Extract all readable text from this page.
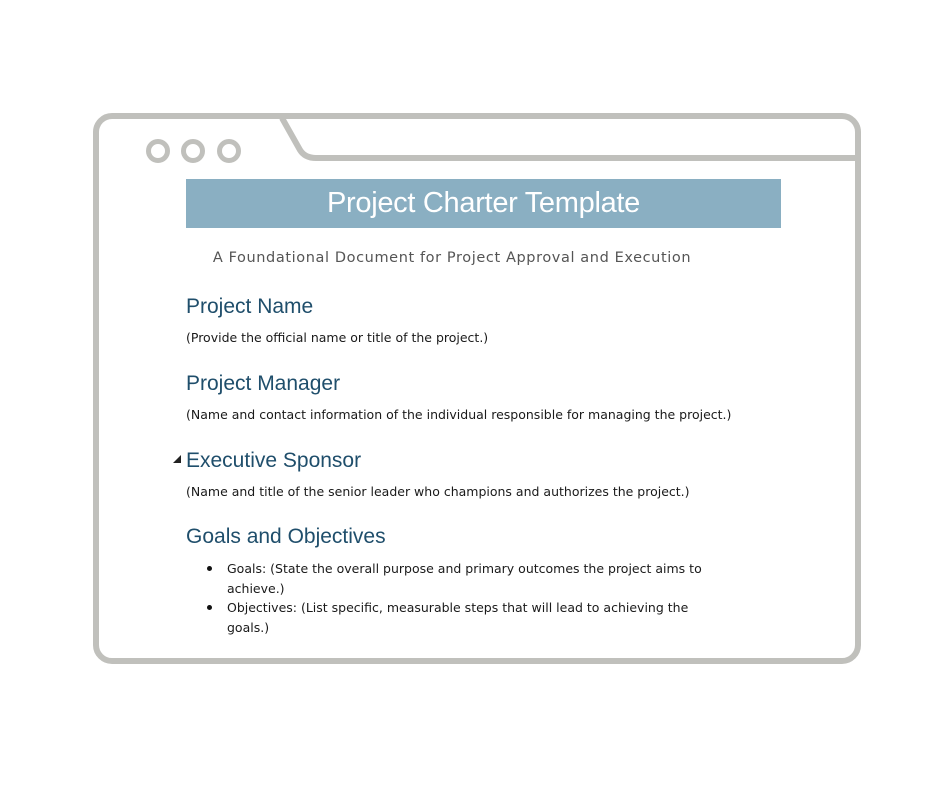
Project Charter Template
A Foundational Document for Project Approval and Execution
Project Name
(Provide the official name or title of the project.)
Project Manager
(Name and contact information of the individual responsible for managing the project.)
Executive Sponsor
(Name and title of the senior leader who champions and authorizes the project.)
Goals and Objectives
Goals: (State the overall purpose and primary outcomes the project aims to achieve.)
Objectives: (List specific, measurable steps that will lead to achieving the goals.)
